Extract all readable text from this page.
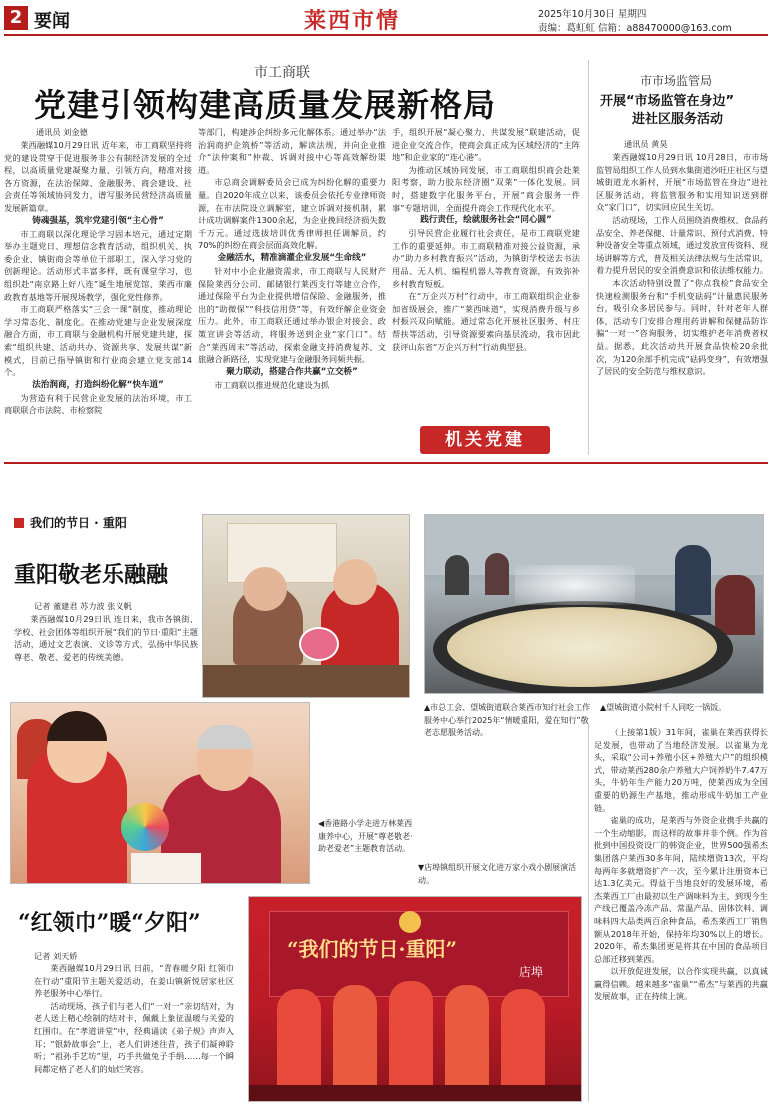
2 要闻	莱西市情	2025年10月30日 星期四
责编：葛虹虹 信箱：a88470000@163.com
市工商联
党建引领构建高质量发展新格局
通讯员 刘金德

莱西融媒10月29日讯 近年来，市工商联坚持将党的建设贯穿于促进服务非公有制经济发展的全过程，以高质量党建凝聚力量、引领方向，精准对接各方资源，在法治保障、金融服务、商会建设、社会责任等领域协同发力，谱写服务民营经济高质量发展新篇章。

铸魂强基，筑牢党建引领“主心骨”

市工商联以深化理论学习固本培元，通过定期举办主题党日、理想信念教育活动，组织机关、执委企业、镇街商会等单位干部职工，深入学习党的创新理论。活动形式丰富多样，既有课堂学习，也组织赴“南京路上好八连”诞生地展览馆、莱西市廉政教育基地等开展现场教学，强化党性修养。

市工商联严格落实“三会一课”制度，推动理论学习常态化、制度化。在推动党建与企业发展深度融合方面，市工商联与金融机构开展党建共建，探索“组织共建、活动共办、资源共享、发展共谋”新模式，目前已指导镇街和行业商会建立党支部14个。

法治润商，打造纠纷化解“快车道”

为营造有利于民营企业发展的法治环境，市工商联联合市法院、市检察院

等部门，构建涉企纠纷多元化解体系。通过举办“法治润商护企筑桥”等活动，解读法规，并向企业推介“法仲案和”仲裁、诉调对接中心等高效解纷渠道。

市总商会调解委员会已成为纠纷化解的重要力量。自2020年成立以来，该委员会依托专业律师资源，在市法院设立调解室，建立诉调对接机制，累计成功调解案件1300余起，为企业挽回经济损失数千万元。通过选拔培训优秀律师担任调解员，约70%的纠纷在商会层面高效化解。

金融活水，精准滴灌企业发展“生命线”

针对中小企业融资需求，市工商联与人民财产保险莱西分公司、邮储银行莱西支行等建立合作，通过保险平台为企业提供增信保险、金融服务，推出的“助微保”“科技信用贷”等，有效纾解企业资金压力。此外，市工商联还通过举办银企对接会、政策宣讲会等活动，将服务送到企业“家门口”。结合“莱西周末”等活动，探索金融支持消费复苏、文旅融合新路径，实现党建与金融服务同频共振。

聚力联动，搭建合作共赢“立交桥”

市工商联以推进规范化建设为抓

手，组织开展“凝心聚力、共谋发展”联建活动，促进企业交流合作，使商会真正成为区域经济的“主阵地”和企业家的“连心港”。

为推动区域协同发展，市工商联组织商会赴莱阳考察，助力胶东经济圈“双莱”一体化发展。同时，搭建数字化服务平台，开展“商会服务一件事”专题培训，全面提升商会工作现代化水平。

践行责任，绘就服务社会“同心圆”

引导民营企业履行社会责任，是市工商联党建工作的重要延伸。市工商联精准对接公益资源，承办“助力乡村教育振兴”活动，为镇街学校送去书法用品、无人机、编程机器人等教育资源，有效弥补乡村教育短板。

在“万企兴万村”行动中，市工商联组织企业参加省级展会，推广“莱西味道”，实现消费升级与乡村振兴双向赋能。通过常态化开展社区服务、村庄帮扶等活动，引导资源要素向基层流动，我市因此获评山东省“万企兴万村”行动典型县。

机关党建
市市场监管局
开展“市场监管在身边”
进社区服务活动
通讯员 黄昊

莱西融媒10月29日讯 10月28日，市市场监管局组织工作人员到水集街道沙旺庄社区与望城街道龙水新村，开展“市场监管在身边”进社区服务活动，将监管服务和实用知识送到群众“家门口”，切实回应民生关切。

活动现场，工作人员围绕消费维权、食品药品安全、养老保健、计量常识、预付式消费、特种设备安全等重点领域，通过发放宣传资料、现场讲解等方式，普及相关法律法规与生活常识，着力提升居民的安全消费意识和依法维权能力。

本次活动特别设置了“你点我检”食品安全快速检测服务台和“手机变砝码”计量惠民服务台，吸引众多居民参与。同时，针对老年人群体，活动专门安排合理用药讲解和保健品防诈骗“一对一”咨询服务，切实维护老年消费者权益。据悉，此次活动共开展食品快检20余批次，为120余部手机完成“砝码变身”，有效增强了居民的安全防范与维权意识。

我们的节日 · 重阳
重阳敬老乐融融
记者 董建君 苏力波 张义帆

莱西融媒10月29日讯 连日来，我市各镇街、学校、社会团体等组织开展“我们的节日·重阳”主题活动，通过文艺表演、义诊等方式，弘扬中华民族尊老、敬老、爱老的传统美德。

▲望城街道小院村千人同吃一锅饭。
◀香港路小学走进万林莱西康养中心，开展“尊老敬老·助老爱老”主题教育活动。
▲市总工会、望城街道联合莱西市知行社会工作服务中心举行2025年“情暖重阳，爱在知行”敬老志愿服务活动。
“红领巾”暖“夕阳”
记者 刘天娇

莱西融媒10月29日讯 日前，“青春暖夕阳 红领巾在行动”重阳节主题关爱活动，在姜山镇新悦居家社区养老服务中心举行。

活动现场，孩子们与老人们“一对一”亲切结对，为老人送上精心绘制的结对卡，佩戴上象征温暖与关爱的红围巾。在“孝道讲堂”中，经典诵读《弟子规》声声入耳；“银龄故事会”上，老人们讲述往昔，孩子们凝神聆听；“祖孙手艺坊”里，巧手共做兔子手绢……每一个瞬间都定格了老人们的灿烂笑容。

“我们的节日·重阳”
店埠
▼店埠镇组织开展文化进万家小戏小剧展演活动。

（上接第1版）31年间，雀巢在莱西获得长足发展，也带动了当地经济发展。以雀巢为龙头，采取“公司+养殖小区+养殖大户”的组织模式，带动莱西280余户养殖大户饲养奶牛7.47万头，牛奶年生产能力20万吨，使莱西成为全国重要的奶源生产基地，推动形成牛奶加工产业链。

雀巢的成功，是莱西与外资企业携手共赢的一个生动缩影，而这样的故事并非个例。作为首批到中国投资设厂的韩资企业，世界500强希杰集团落户莱西30多年间，陆续增资13次，平均每两年多就增资扩产一次，至今累计注册资本已达1.3亿美元。得益于当地良好的发展环境，希杰莱西工厂由最初以生产调味料为主，到现今生产线已覆盖冷冻产品、常温产品、固体饮料、调味料四大品类两百余种食品，希杰莱西工厂销售额从2018年开始，保持年均30%以上的增长。2020年，希杰集团更是将其在中国的食品项目总部迁移到莱西。

以开放促进发展，以合作实现共赢，以真诚赢得信赖。越来越多“雀巢”“希杰”与莱西的共赢发展故事，正在持续上演。
